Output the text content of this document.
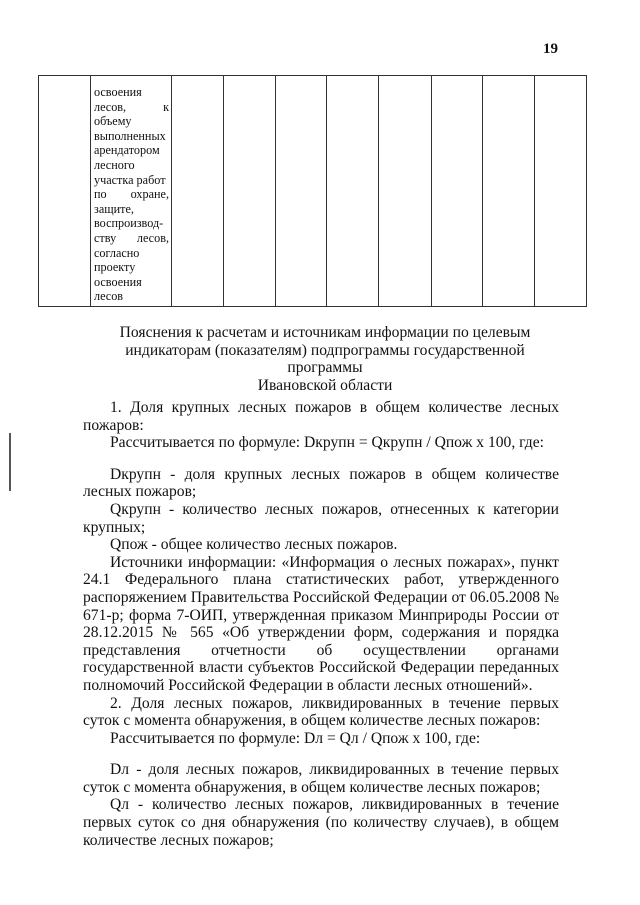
19

освоения
лесов,	к
объему
выполненных
арендатором
лесного
участка работ
по охране,
защите,
воспроизвод-
ству лесов,
согласно
проекту
освоения
лесов

Пояснения к расчетам и источникам информации по целевым
индикаторам (показателям) подпрограммы государственной программы
Ивановской области

1. Доля крупных лесных пожаров в общем количестве лесных пожаров:

Рассчитывается по формуле: Dкрупн = Qкрупн / Qпож x 100, где:

Dкрупн - доля крупных лесных пожаров в общем количестве лесных пожаров;

Qкрупн - количество лесных пожаров, отнесенных к категории крупных;

Qпож - общее количество лесных пожаров.

Источники информации: «Информация о лесных пожарах», пункт 24.1 Федерального плана статистических работ, утвержденного распоряжением Правительства Российской Федерации от 06.05.2008 № 671-р; форма 7-ОИП, утвержденная приказом Минприроды России от 28.12.2015 № 565 «Об утверждении форм, содержания и порядка представления отчетности об осуществлении органами государственной власти субъектов Российской Федерации переданных полномочий Российской Федерации в области лесных отношений».

2. Доля лесных пожаров, ликвидированных в течение первых суток с момента обнаружения, в общем количестве лесных пожаров:

Рассчитывается по формуле: Dл = Qл / Qпож x 100, где:

Dл - доля лесных пожаров, ликвидированных в течение первых суток с момента обнаружения, в общем количестве лесных пожаров;

Qл - количество лесных пожаров, ликвидированных в течение первых суток со дня обнаружения (по количеству случаев), в общем количестве лесных пожаров;
